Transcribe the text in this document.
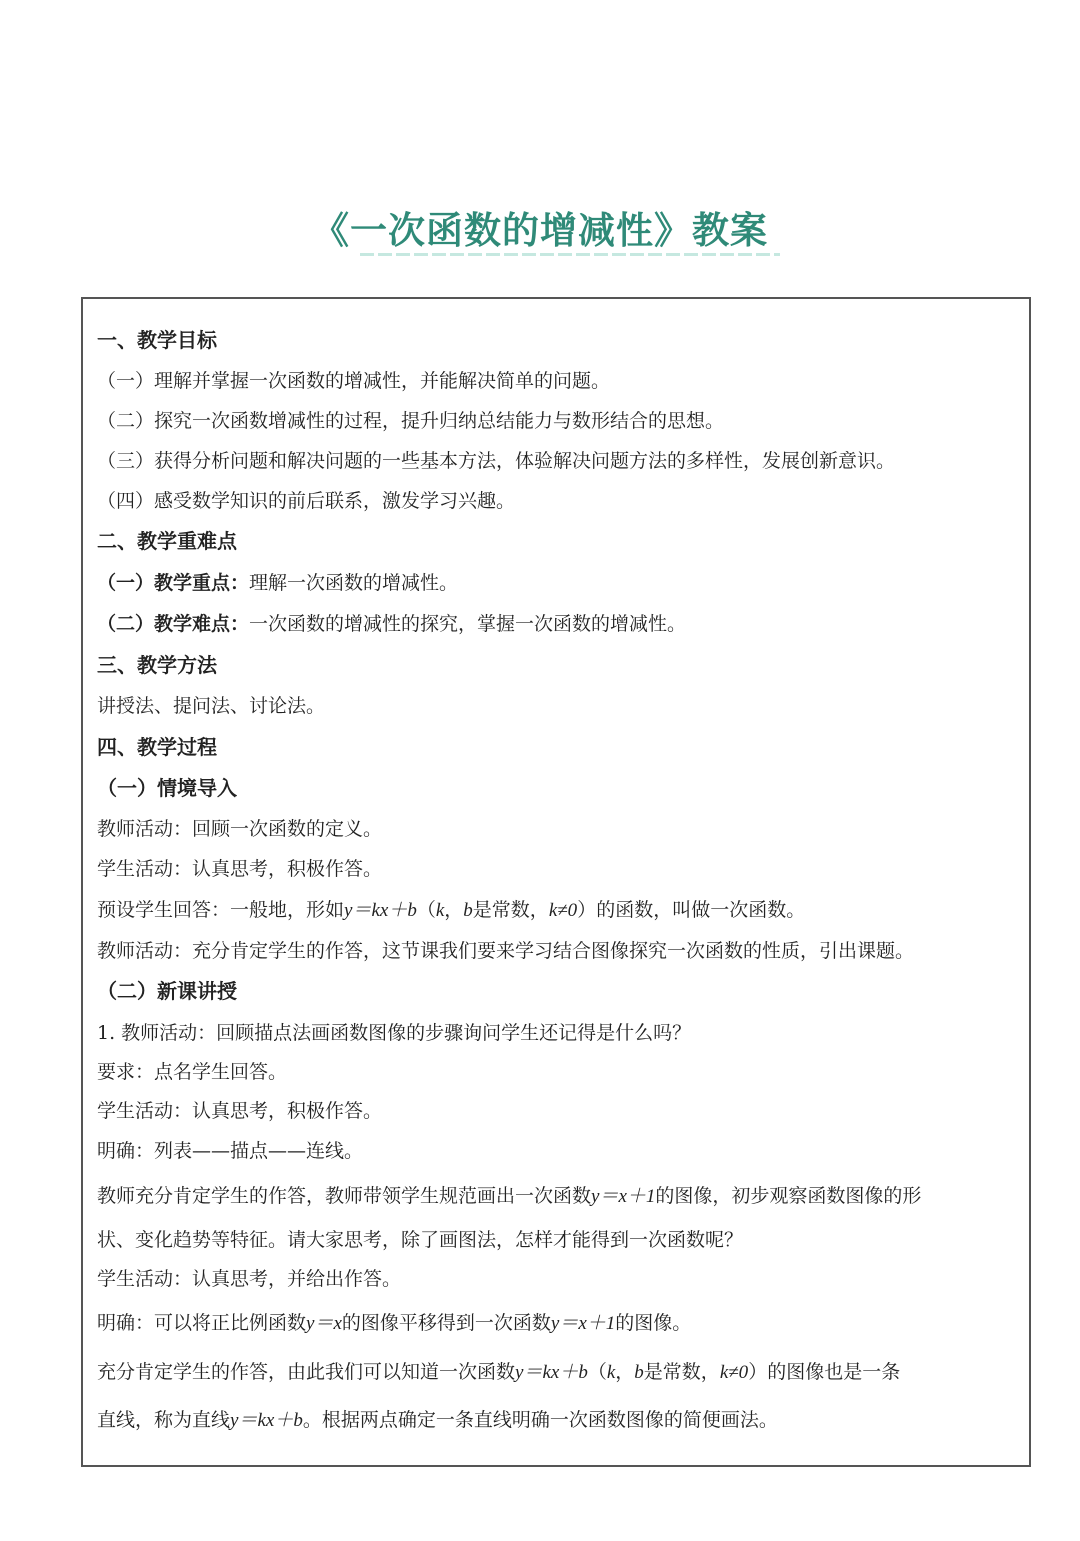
《一次函数的增减性》教案
一、教学目标
（一）理解并掌握一次函数的增减性，并能解决简单的问题。
（二）探究一次函数增减性的过程，提升归纳总结能力与数形结合的思想。
（三）获得分析问题和解决问题的一些基本方法，体验解决问题方法的多样性，发展创新意识。
（四）感受数学知识的前后联系，激发学习兴趣。
二、教学重难点
（一）教学重点：理解一次函数的增减性。
（二）教学难点：一次函数的增减性的探究，掌握一次函数的增减性。
三、教学方法
讲授法、提问法、讨论法。
四、教学过程
（一）情境导入
教师活动：回顾一次函数的定义。
学生活动：认真思考，积极作答。
预设学生回答：一般地，形如y＝kx＋b（k，b是常数，k≠0）的函数，叫做一次函数。
教师活动：充分肯定学生的作答，这节课我们要来学习结合图像探究一次函数的性质，引出课题。
（二）新课讲授
1. 教师活动：回顾描点法画函数图像的步骤询问学生还记得是什么吗？
要求：点名学生回答。
学生活动：认真思考，积极作答。
明确：列表——描点——连线。
教师充分肯定学生的作答，教师带领学生规范画出一次函数y＝x＋1的图像，初步观察函数图像的形
状、变化趋势等特征。请大家思考，除了画图法，怎样才能得到一次函数呢？
学生活动：认真思考，并给出作答。
明确：可以将正比例函数y＝x的图像平移得到一次函数y＝x＋1的图像。
充分肯定学生的作答，由此我们可以知道一次函数y＝kx＋b（k，b是常数，k≠0）的图像也是一条
直线，称为直线y＝kx＋b。根据两点确定一条直线明确一次函数图像的简便画法。
